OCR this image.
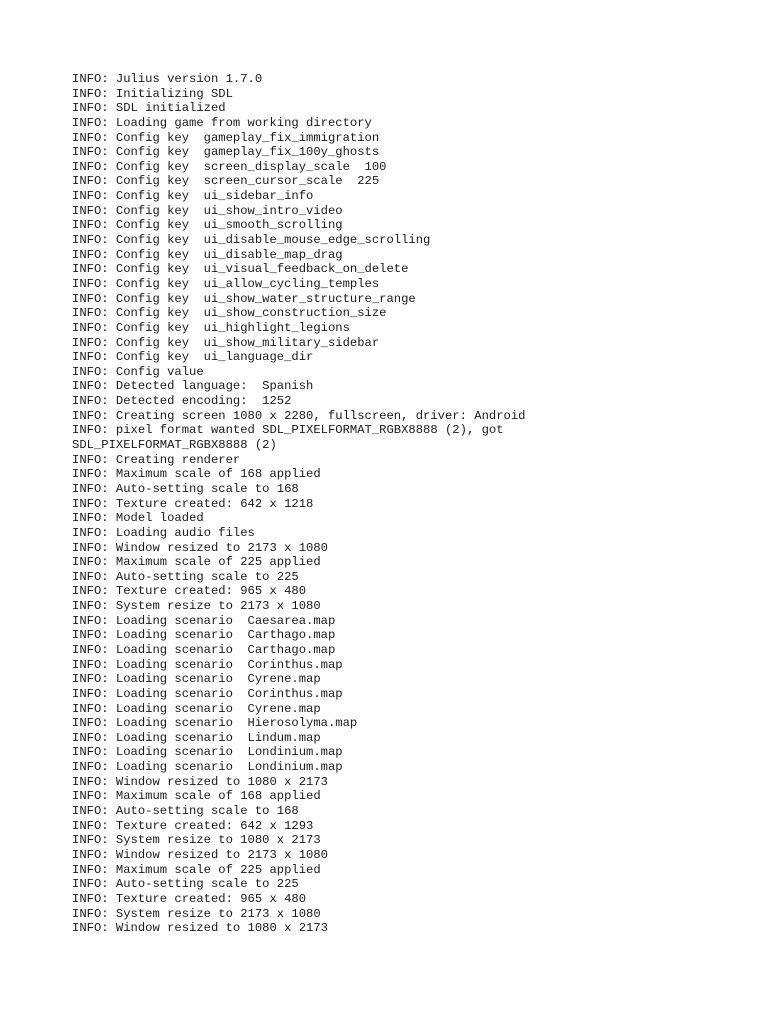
INFO: Julius version 1.7.0
INFO: Initializing SDL
INFO: SDL initialized
INFO: Loading game from working directory
INFO: Config key  gameplay_fix_immigration
INFO: Config key  gameplay_fix_100y_ghosts
INFO: Config key  screen_display_scale  100
INFO: Config key  screen_cursor_scale  225
INFO: Config key  ui_sidebar_info
INFO: Config key  ui_show_intro_video
INFO: Config key  ui_smooth_scrolling
INFO: Config key  ui_disable_mouse_edge_scrolling
INFO: Config key  ui_disable_map_drag
INFO: Config key  ui_visual_feedback_on_delete
INFO: Config key  ui_allow_cycling_temples
INFO: Config key  ui_show_water_structure_range
INFO: Config key  ui_show_construction_size
INFO: Config key  ui_highlight_legions
INFO: Config key  ui_show_military_sidebar
INFO: Config key  ui_language_dir
INFO: Config value
INFO: Detected language:  Spanish
INFO: Detected encoding:  1252
INFO: Creating screen 1080 x 2280, fullscreen, driver: Android
INFO: pixel format wanted SDL_PIXELFORMAT_RGBX8888 (2), got
SDL_PIXELFORMAT_RGBX8888 (2)
INFO: Creating renderer
INFO: Maximum scale of 168 applied
INFO: Auto-setting scale to 168
INFO: Texture created: 642 x 1218
INFO: Model loaded
INFO: Loading audio files
INFO: Window resized to 2173 x 1080
INFO: Maximum scale of 225 applied
INFO: Auto-setting scale to 225
INFO: Texture created: 965 x 480
INFO: System resize to 2173 x 1080
INFO: Loading scenario  Caesarea.map
INFO: Loading scenario  Carthago.map
INFO: Loading scenario  Carthago.map
INFO: Loading scenario  Corinthus.map
INFO: Loading scenario  Cyrene.map
INFO: Loading scenario  Corinthus.map
INFO: Loading scenario  Cyrene.map
INFO: Loading scenario  Hierosolyma.map
INFO: Loading scenario  Lindum.map
INFO: Loading scenario  Londinium.map
INFO: Loading scenario  Londinium.map
INFO: Window resized to 1080 x 2173
INFO: Maximum scale of 168 applied
INFO: Auto-setting scale to 168
INFO: Texture created: 642 x 1293
INFO: System resize to 1080 x 2173
INFO: Window resized to 2173 x 1080
INFO: Maximum scale of 225 applied
INFO: Auto-setting scale to 225
INFO: Texture created: 965 x 480
INFO: System resize to 2173 x 1080
INFO: Window resized to 1080 x 2173
